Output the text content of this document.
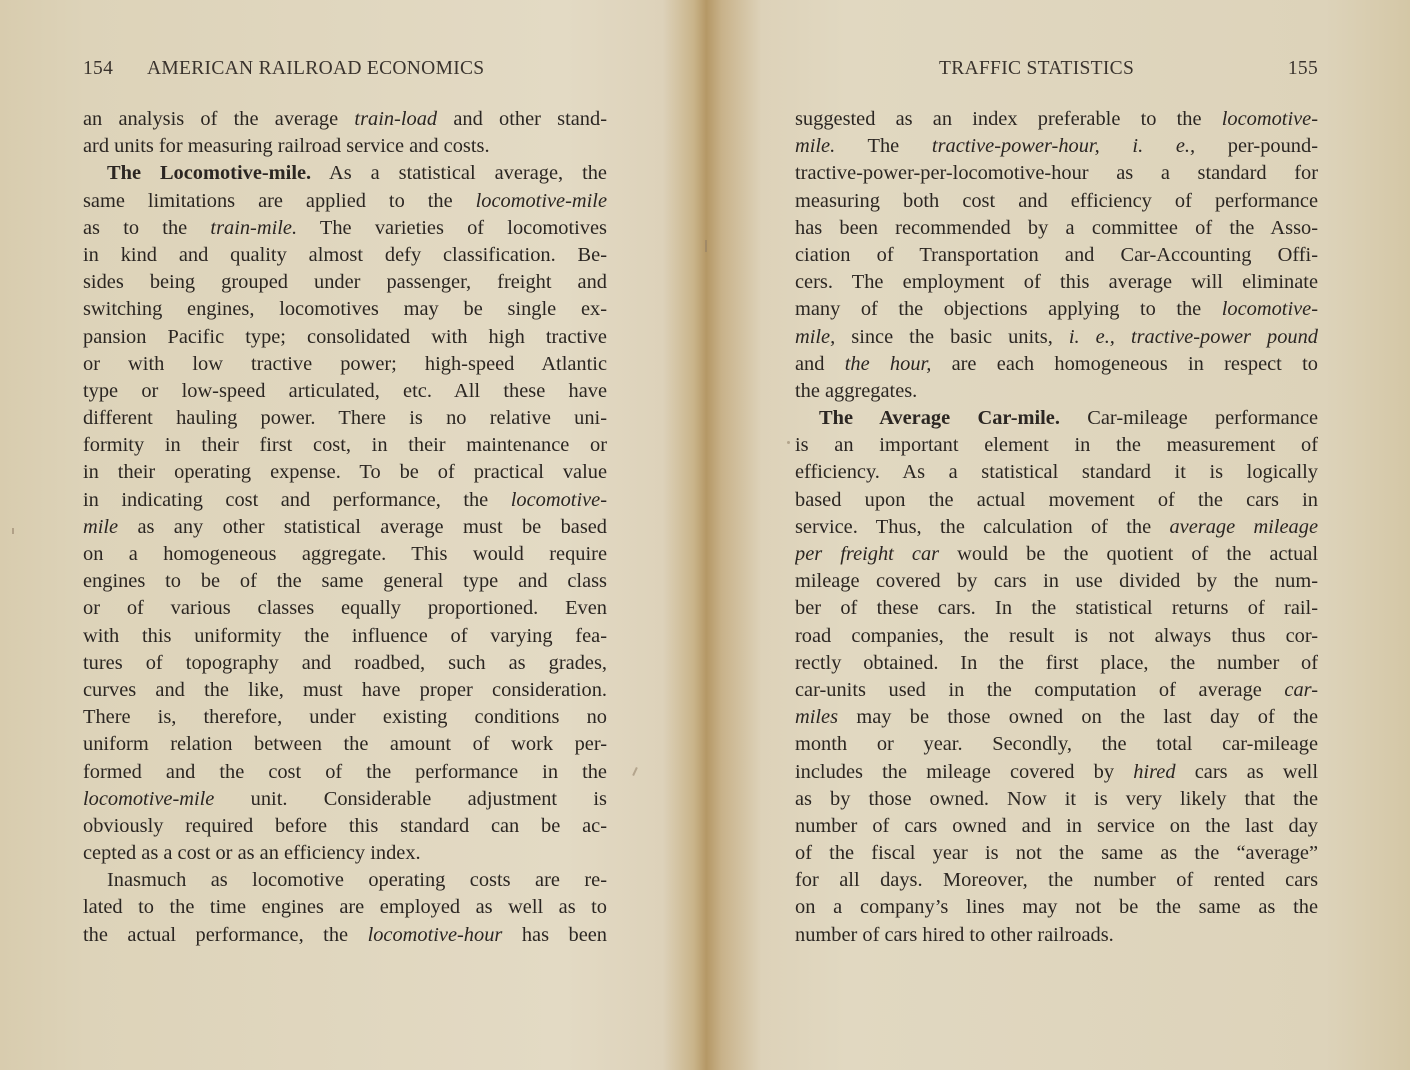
154 AMERICAN RAILROAD ECONOMICS
an analysis of the average train-load and other stand-
ard units for measuring railroad service and costs.
The Locomotive-mile. As a statistical average, the
same limitations are applied to the locomotive-mile
as to the train-mile. The varieties of locomotives
in kind and quality almost defy classification. Be-
sides being grouped under passenger, freight and
switching engines, locomotives may be single ex-
pansion Pacific type; consolidated with high tractive
or with low tractive power; high-speed Atlantic
type or low-speed articulated, etc. All these have
different hauling power. There is no relative uni-
formity in their first cost, in their maintenance or
in their operating expense. To be of practical value
in indicating cost and performance, the locomotive-
mile as any other statistical average must be based
on a homogeneous aggregate. This would require
engines to be of the same general type and class
or of various classes equally proportioned. Even
with this uniformity the influence of varying fea-
tures of topography and roadbed, such as grades,
curves and the like, must have proper consideration.
There is, therefore, under existing conditions no
uniform relation between the amount of work per-
formed and the cost of the performance in the
locomotive-mile unit. Considerable adjustment is
obviously required before this standard can be ac-
cepted as a cost or as an efficiency index.
Inasmuch as locomotive operating costs are re-
lated to the time engines are employed as well as to
the actual performance, the locomotive-hour has been
TRAFFIC STATISTICS	155
suggested as an index preferable to the locomotive-
mile. The tractive-power-hour, i. e., per-pound-
tractive-power-per-locomotive-hour as a standard for
measuring both cost and efficiency of performance
has been recommended by a committee of the Asso-
ciation of Transportation and Car-Accounting Offi-
cers. The employment of this average will eliminate
many of the objections applying to the locomotive-
mile, since the basic units, i. e., tractive-power pound
and the hour, are each homogeneous in respect to
the aggregates.
The Average Car-mile. Car-mileage performance
is an important element in the measurement of
efficiency. As a statistical standard it is logically
based upon the actual movement of the cars in
service. Thus, the calculation of the average mileage
per freight car would be the quotient of the actual
mileage covered by cars in use divided by the num-
ber of these cars. In the statistical returns of rail-
road companies, the result is not always thus cor-
rectly obtained. In the first place, the number of
car-units used in the computation of average car-
miles may be those owned on the last day of the
month or year. Secondly, the total car-mileage
includes the mileage covered by hired cars as well
as by those owned. Now it is very likely that the
number of cars owned and in service on the last day
of the fiscal year is not the same as the “average”
for all days. Moreover, the number of rented cars
on a company’s lines may not be the same as the
number of cars hired to other railroads.
